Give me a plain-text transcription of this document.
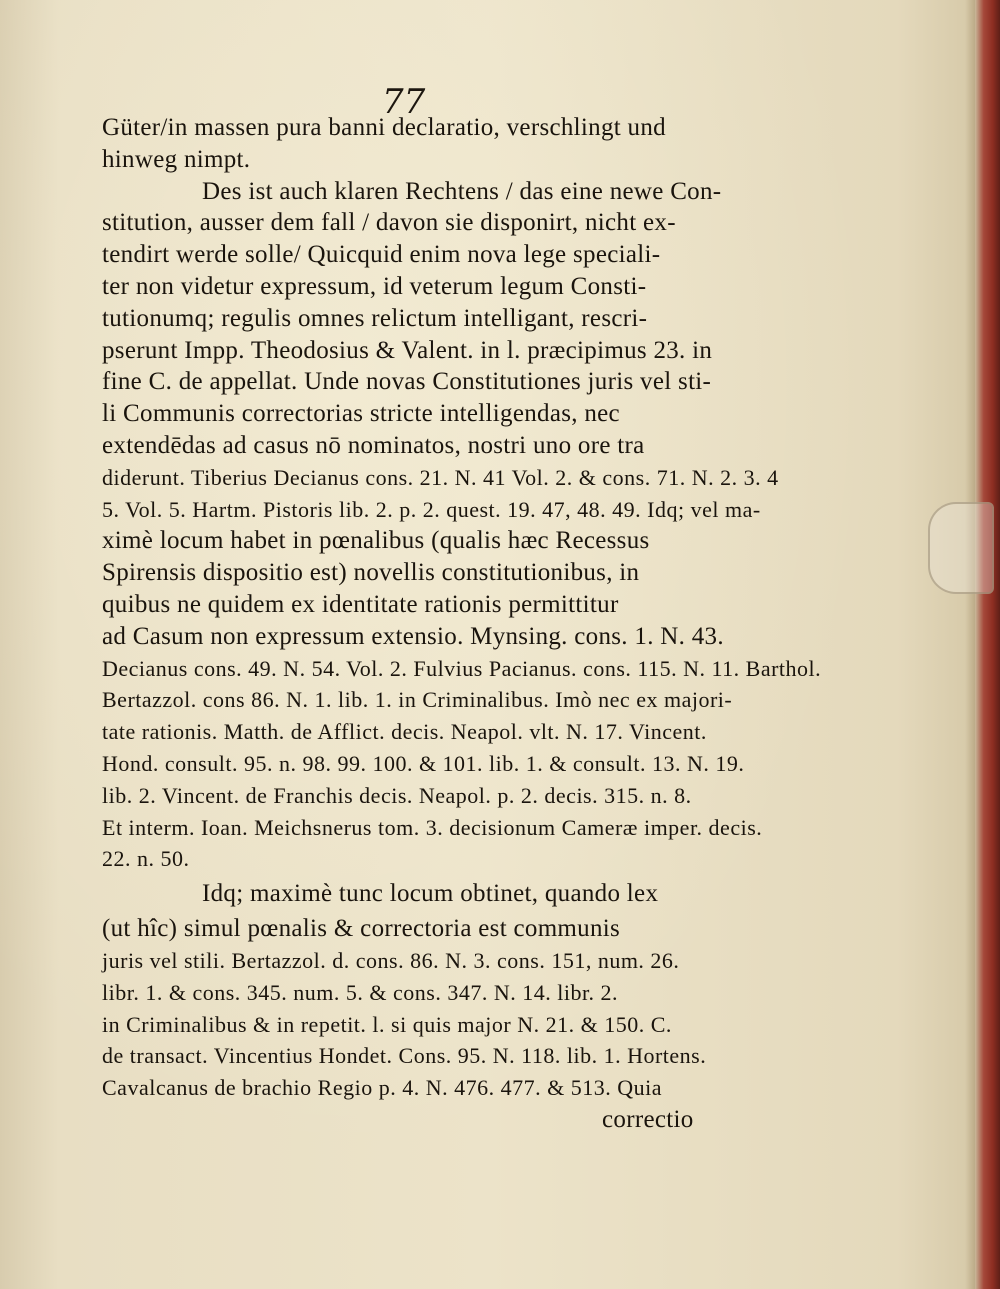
77
Güter/in massen pura banni declaratio, verschlingt und
hinweg nimpt.
Des ist auch klaren Rechtens / das eine newe Con-
stitution, ausser dem fall / davon sie disponirt, nicht ex-
tendirt werde solle/ Quicquid enim nova lege speciali-
ter non videtur expressum, id veterum legum Consti-
tutionumq; regulis omnes relictum intelligant, rescri-
pserunt Impp. Theodosius & Valent. in l. præcipimus 23. in
fine C. de appellat. Unde novas Constitutiones juris vel sti-
li Communis correctorias stricte intelligendas, nec
extendēdas ad casus nō nominatos, nostri uno ore tra
diderunt. Tiberius Decianus cons. 21. N. 41 Vol. 2. & cons. 71. N. 2. 3. 4
5. Vol. 5. Hartm. Pistoris lib. 2. p. 2. quest. 19. 47, 48. 49. Idq; vel ma-
ximè locum habet in pœnalibus (qualis hæc Recessus
Spirensis dispositio est) novellis constitutionibus, in
quibus ne quidem ex identitate rationis permittitur
ad Casum non expressum extensio. Mynsing. cons. 1. N. 43.
Decianus cons. 49. N. 54. Vol. 2. Fulvius Pacianus. cons. 115. N. 11. Barthol.
Bertazzol. cons 86. N. 1. lib. 1. in Criminalibus. Imò nec ex majori-
tate rationis. Matth. de Afflict. decis. Neapol. vlt. N. 17. Vincent.
Hond. consult. 95. n. 98. 99. 100. & 101. lib. 1. & consult. 13. N. 19.
lib. 2. Vincent. de Franchis decis. Neapol. p. 2. decis. 315. n. 8.
Et interm. Ioan. Meichsnerus tom. 3. decisionum Cameræ imper. decis.
22. n. 50.
Idq; maximè tunc locum obtinet, quando lex
(ut hîc) simul pœnalis & correctoria est communis
juris vel stili. Bertazzol. d. cons. 86. N. 3. cons. 151, num. 26.
libr. 1. & cons. 345. num. 5. & cons. 347. N. 14. libr. 2.
in Criminalibus & in repetit. l. si quis major N. 21. & 150. C.
de transact. Vincentius Hondet. Cons. 95. N. 118. lib. 1. Hortens.
Cavalcanus de brachio Regio p. 4. N. 476. 477. & 513. Quia
correctio
